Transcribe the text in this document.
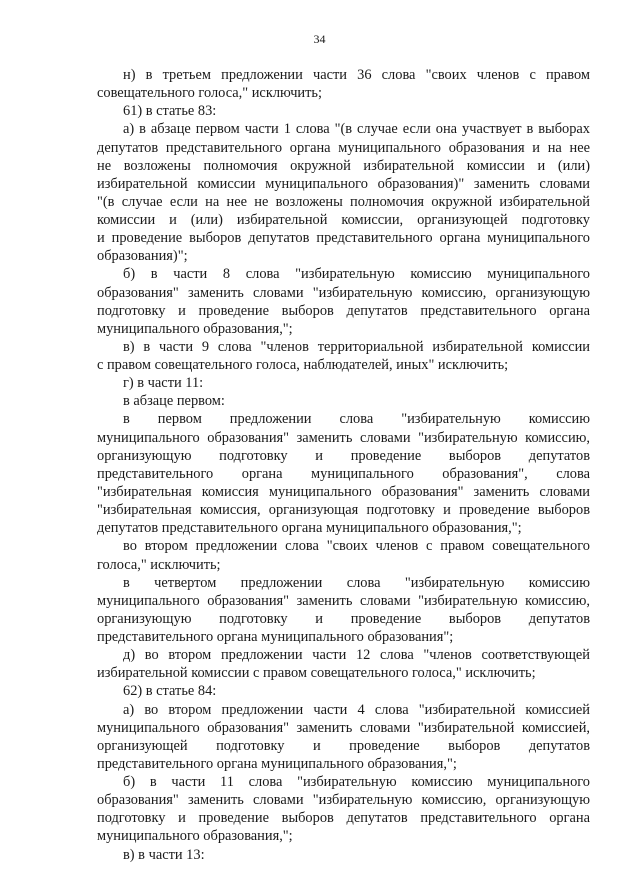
34
н) в третьем предложении части 36 слова "своих членов с правом
совещательного голоса," исключить;
61) в статье 83:
а) в абзаце первом части 1 слова "(в случае если она участвует в выборах
депутатов представительного органа муниципального образования и на нее
не возложены полномочия окружной избирательной комиссии и (или)
избирательной комиссии муниципального образования)" заменить словами
"(в случае если на нее не возложены полномочия окружной избирательной
комиссии и (или) избирательной комиссии, организующей подготовку
и проведение выборов депутатов представительного органа муниципального
образования)";
б) в части 8 слова "избирательную комиссию муниципального
образования" заменить словами "избирательную комиссию, организующую
подготовку и проведение выборов депутатов представительного органа
муниципального образования,";
в) в части 9 слова "членов территориальной избирательной комиссии
с правом совещательного голоса, наблюдателей, иных" исключить;
г) в части 11:
в абзаце первом:
в первом предложении слова "избирательную комиссию
муниципального образования" заменить словами "избирательную комиссию,
организующую подготовку и проведение выборов депутатов
представительного органа муниципального образования", слова
"избирательная комиссия муниципального образования" заменить словами
"избирательная комиссия, организующая подготовку и проведение выборов
депутатов представительного органа муниципального образования,";
во втором предложении слова "своих членов с правом совещательного
голоса," исключить;
в четвертом предложении слова "избирательную комиссию
муниципального образования" заменить словами "избирательную комиссию,
организующую подготовку и проведение выборов депутатов
представительного органа муниципального образования";
д) во втором предложении части 12 слова "членов соответствующей
избирательной комиссии с правом совещательного голоса," исключить;
62) в статье 84:
а) во втором предложении части 4 слова "избирательной комиссией
муниципального образования" заменить словами "избирательной комиссией,
организующей подготовку и проведение выборов депутатов
представительного органа муниципального образования,";
б) в части 11 слова "избирательную комиссию муниципального
образования" заменить словами "избирательную комиссию, организующую
подготовку и проведение выборов депутатов представительного органа
муниципального образования,";
в) в части 13:
